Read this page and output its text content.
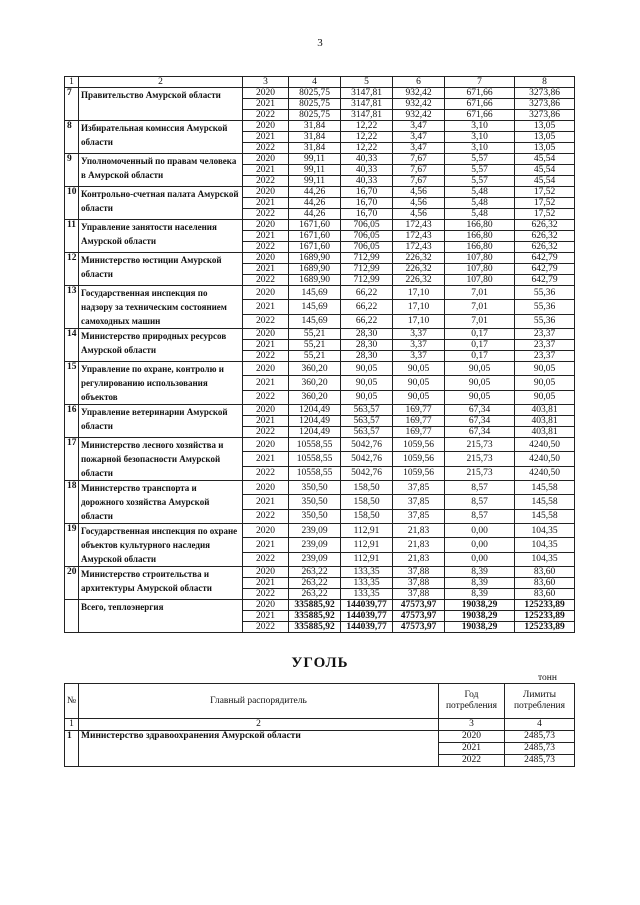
3
1	2	3	4	5	6	7	8
7	Правительство Амурской области	2020	8025,75	3147,81	932,42	671,66	3273,86
		2021	8025,75	3147,81	932,42	671,66	3273,86
		2022	8025,75	3147,81	932,42	671,66	3273,86
8	Избирательная комиссия Амурской области	2020	31,84	12,22	3,47	3,10	13,05
		2021	31,84	12,22	3,47	3,10	13,05
		2022	31,84	12,22	3,47	3,10	13,05
9	Уполномоченный по правам человека в Амурской области	2020	99,11	40,33	7,67	5,57	45,54
		2021	99,11	40,33	7,67	5,57	45,54
		2022	99,11	40,33	7,67	5,57	45,54
10	Контрольно-счетная палата Амурской области	2020	44,26	16,70	4,56	5,48	17,52
		2021	44,26	16,70	4,56	5,48	17,52
		2022	44,26	16,70	4,56	5,48	17,52
11	Управление занятости населения Амурской области	2020	1671,60	706,05	172,43	166,80	626,32
		2021	1671,60	706,05	172,43	166,80	626,32
		2022	1671,60	706,05	172,43	166,80	626,32
12	Министерство юстиции Амурской области	2020	1689,90	712,99	226,32	107,80	642,79
		2021	1689,90	712,99	226,32	107,80	642,79
		2022	1689,90	712,99	226,32	107,80	642,79
13	Государственная инспекция по надзору за техническим состоянием самоходных машин	2020	145,69	66,22	17,10	7,01	55,36
		2021	145,69	66,22	17,10	7,01	55,36
		2022	145,69	66,22	17,10	7,01	55,36
14	Министерство природных ресурсов Амурской области	2020	55,21	28,30	3,37	0,17	23,37
		2021	55,21	28,30	3,37	0,17	23,37
		2022	55,21	28,30	3,37	0,17	23,37
15	Управление по охране, контролю и регулированию использования объектов	2020	360,20	90,05	90,05	90,05	90,05
		2021	360,20	90,05	90,05	90,05	90,05
		2022	360,20	90,05	90,05	90,05	90,05
16	Управление ветеринарии Амурской области	2020	1204,49	563,57	169,77	67,34	403,81
		2021	1204,49	563,57	169,77	67,34	403,81
		2022	1204,49	563,57	169,77	67,34	403,81
17	Министерство лесного хозяйства и пожарной безопасности Амурской области	2020	10558,55	5042,76	1059,56	215,73	4240,50
		2021	10558,55	5042,76	1059,56	215,73	4240,50
		2022	10558,55	5042,76	1059,56	215,73	4240,50
18	Министерство транспорта и дорожного хозяйства Амурской области	2020	350,50	158,50	37,85	8,57	145,58
		2021	350,50	158,50	37,85	8,57	145,58
		2022	350,50	158,50	37,85	8,57	145,58
19	Государственная инспекция по охране объектов культурного наследия Амурской области	2020	239,09	112,91	21,83	0,00	104,35
		2021	239,09	112,91	21,83	0,00	104,35
		2022	239,09	112,91	21,83	0,00	104,35
20	Министерство строительства и архитектуры Амурской области	2020	263,22	133,35	37,88	8,39	83,60
		2021	263,22	133,35	37,88	8,39	83,60
		2022	263,22	133,35	37,88	8,39	83,60
	Всего, теплоэнергия	2020	335885,92	144039,77	47573,97	19038,29	125233,89
		2021	335885,92	144039,77	47573,97	19038,29	125233,89
		2022	335885,92	144039,77	47573,97	19038,29	125233,89
УГОЛЬ
тонн
№	Главный распорядитель	Год потребления	Лимиты потребления
1	2	3	4
1	Министерство здравоохранения Амурской области	2020	2485,73
		2021	2485,73
		2022	2485,73
